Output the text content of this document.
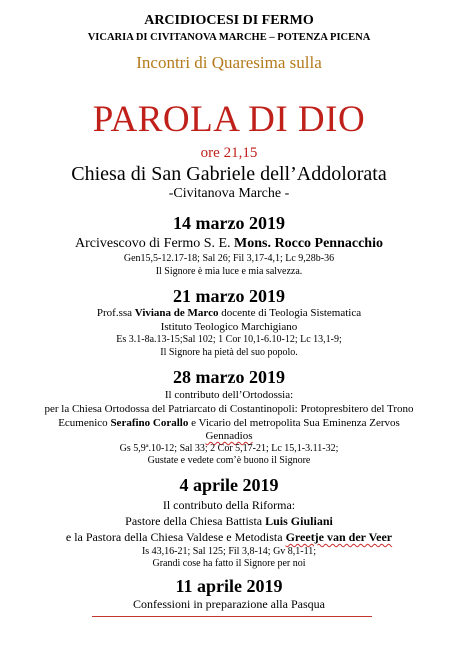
ARCIDIOCESI DI FERMO
VICARIA DI CIVITANOVA MARCHE – POTENZA PICENA
Incontri di Quaresima sulla
PAROLA DI DIO
ore 21,15
Chiesa di San Gabriele dell’Addolorata
-Civitanova Marche -
14 marzo 2019
Arcivescovo di Fermo S. E. Mons. Rocco Pennacchio
Gen15,5-12.17-18; Sal 26; Fil 3,17-4,1; Lc 9,28b-36
Il Signore è mia luce e mia salvezza.
21 marzo 2019
Prof.ssa Viviana de Marco docente di Teologia Sistematica
Istituto Teologico Marchigiano
Es 3.1-8a.13-15;Sal 102; 1 Cor 10,1-6.10-12; Lc 13,1-9;
Il Signore ha pietà del suo popolo.
28 marzo 2019
Il contributo dell’Ortodossia:
per la Chiesa Ortodossa del Patriarcato di Costantinopoli: Protopresbitero del Trono
Ecumenico Serafino Corallo e Vicario del metropolita Sua Eminenza Zervos
Gennadios
Gs 5,9ª.10-12; Sal 33; 2 Cor 5,17-21; Lc 15,1-3.11-32;
Gustate e vedete com’è buono il Signore
4 aprile 2019
Il contributo della Riforma:
Pastore della Chiesa Battista Luis Giuliani
e la Pastora della Chiesa Valdese e Metodista Greetje van der Veer
Is 43,16-21; Sal 125; Fil 3,8-14; Gv 8,1-11;
Grandi cose ha fatto il Signore per noi
11 aprile 2019
Confessioni in preparazione alla Pasqua
